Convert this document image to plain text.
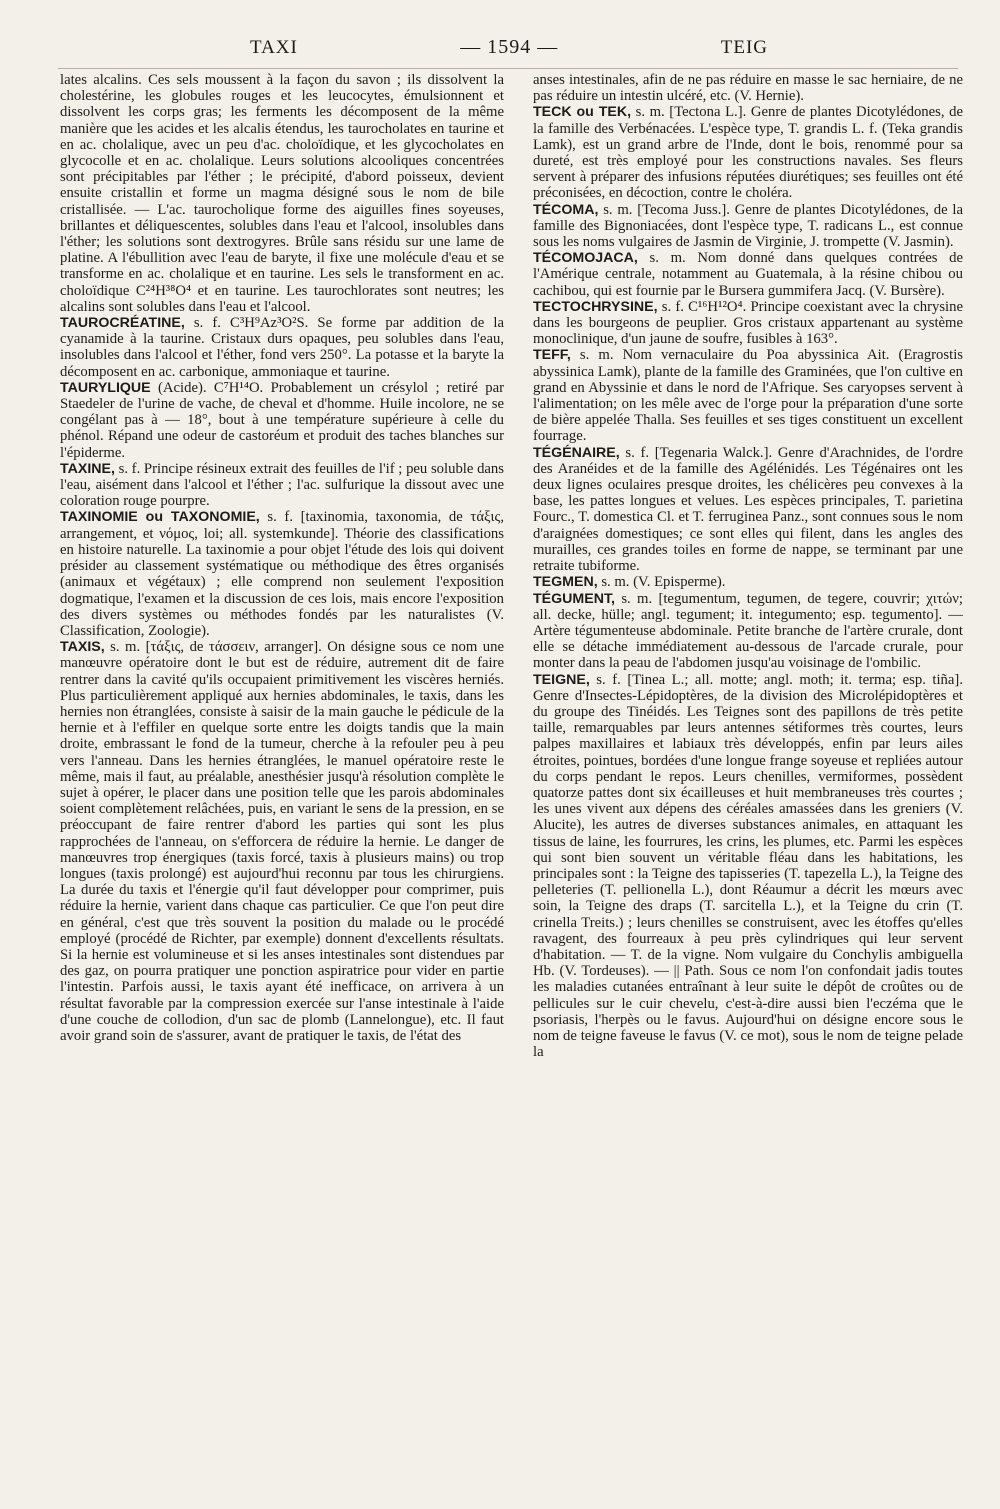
TAXI	— 1594 —	TEIG

lates alcalins. Ces sels moussent à la façon du savon ; ils dissolvent la cholestérine, les globules rouges et les leucocytes, émulsionnent et dissolvent les corps gras; les ferments les décomposent de la même manière que les acides et les alcalis étendus, les taurocholates en taurine et en ac. cholalique, avec un peu d'ac. choloïdique, et les glycocholates en glycocolle et en ac. cholalique. Leurs solutions alcooliques concentrées sont précipitables par l'éther ; le précipité, d'abord poisseux, devient ensuite cristallin et forme un magma désigné sous le nom de bile cristallisée. — L'ac. taurocholique forme des aiguilles fines soyeuses, brillantes et déliquescentes, solubles dans l'eau et l'alcool, insolubles dans l'éther; les solutions sont dextrogyres. Brûle sans résidu sur une lame de platine. A l'ébullition avec l'eau de baryte, il fixe une molécule d'eau et se transforme en ac. cholalique et en taurine. Les sels le transforment en ac. choloïdique C²⁴H³⁸O⁴ et en taurine. Les taurochlorates sont neutres; les alcalins sont solubles dans l'eau et l'alcool.

TAUROCRÉATINE, s. f. C³H⁹Az³O²S. Se forme par addition de la cyanamide à la taurine. Cristaux durs opaques, peu solubles dans l'eau, insolubles dans l'alcool et l'éther, fond vers 250°. La potasse et la baryte la décomposent en ac. carbonique, ammoniaque et taurine.

TAURYLIQUE (Acide). C⁷H¹⁴O. Probablement un crésylol ; retiré par Staedeler de l'urine de vache, de cheval et d'homme. Huile incolore, ne se congélant pas à — 18°, bout à une température supérieure à celle du phénol. Répand une odeur de castoréum et produit des taches blanches sur l'épiderme.

TAXINE, s. f. Principe résineux extrait des feuilles de l'if ; peu soluble dans l'eau, aisément dans l'alcool et l'éther ; l'ac. sulfurique la dissout avec une coloration rouge pourpre.

TAXINOMIE ou TAXONOMIE, s. f. [taxinomia, taxonomia, de τάξις, arrangement, et νόμος, loi; all. systemkunde]. Théorie des classifications en histoire naturelle. La taxinomie a pour objet l'étude des lois qui doivent présider au classement systématique ou méthodique des êtres organisés (animaux et végétaux) ; elle comprend non seulement l'exposition dogmatique, l'examen et la discussion de ces lois, mais encore l'exposition des divers systèmes ou méthodes fondés par les naturalistes (V. Classification, Zoologie).

TAXIS, s. m. [τάξις, de τάσσειν, arranger]. On désigne sous ce nom une manœuvre opératoire dont le but est de réduire, autrement dit de faire rentrer dans la cavité qu'ils occupaient primitivement les viscères herniés. Plus particulièrement appliqué aux hernies abdominales, le taxis, dans les hernies non étranglées, consiste à saisir de la main gauche le pédicule de la hernie et à l'effiler en quelque sorte entre les doigts tandis que la main droite, embrassant le fond de la tumeur, cherche à la refouler peu à peu vers l'anneau. Dans les hernies étranglées, le manuel opératoire reste le même, mais il faut, au préalable, anesthésier jusqu'à résolution complète le sujet à opérer, le placer dans une position telle que les parois abdominales soient complètement relâchées, puis, en variant le sens de la pression, en se préoccupant de faire rentrer d'abord les parties qui sont les plus rapprochées de l'anneau, on s'efforcera de réduire la hernie. Le danger de manœuvres trop énergiques (taxis forcé, taxis à plusieurs mains) ou trop longues (taxis prolongé) est aujourd'hui reconnu par tous les chirurgiens. La durée du taxis et l'énergie qu'il faut développer pour comprimer, puis réduire la hernie, varient dans chaque cas particulier. Ce que l'on peut dire en général, c'est que très souvent la position du malade ou le procédé employé (procédé de Richter, par exemple) donnent d'excellents résultats. Si la hernie est volumineuse et si les anses intestinales sont distendues par des gaz, on pourra pratiquer une ponction aspiratrice pour vider en partie l'intestin. Parfois aussi, le taxis ayant été inefficace, on arrivera à un résultat favorable par la compression exercée sur l'anse intestinale à l'aide d'une couche de collodion, d'un sac de plomb (Lannelongue), etc. Il faut avoir grand soin de s'assurer, avant de pratiquer le taxis, de l'état des

anses intestinales, afin de ne pas réduire en masse le sac herniaire, de ne pas réduire un intestin ulcéré, etc. (V. Hernie).

TECK ou TEK, s. m. [Tectona L.]. Genre de plantes Dicotylédones, de la famille des Verbénacées. L'espèce type, T. grandis L. f. (Teka grandis Lamk), est un grand arbre de l'Inde, dont le bois, renommé pour sa dureté, est très employé pour les constructions navales. Ses fleurs servent à préparer des infusions réputées diurétiques; ses feuilles ont été préconisées, en décoction, contre le choléra.

TÉCOMA, s. m. [Tecoma Juss.]. Genre de plantes Dicotylédones, de la famille des Bignoniacées, dont l'espèce type, T. radicans L., est connue sous les noms vulgaires de Jasmin de Virginie, J. trompette (V. Jasmin).

TÉCOMOJACA, s. m. Nom donné dans quelques contrées de l'Amérique centrale, notamment au Guatemala, à la résine chibou ou cachibou, qui est fournie par le Bursera gummifera Jacq. (V. Bursère).

TECTOCHRYSINE, s. f. C¹⁶H¹²O⁴. Principe coexistant avec la chrysine dans les bourgeons de peuplier. Gros cristaux appartenant au système monoclinique, d'un jaune de soufre, fusibles à 163°.

TEFF, s. m. Nom vernaculaire du Poa abyssinica Ait. (Eragrostis abyssinica Lamk), plante de la famille des Graminées, que l'on cultive en grand en Abyssinie et dans le nord de l'Afrique. Ses caryopses servent à l'alimentation; on les mêle avec de l'orge pour la préparation d'une sorte de bière appelée Thalla. Ses feuilles et ses tiges constituent un excellent fourrage.

TÉGÉNAIRE, s. f. [Tegenaria Walck.]. Genre d'Arachnides, de l'ordre des Aranéides et de la famille des Agélénidés. Les Tégénaires ont les deux lignes oculaires presque droites, les chélicères peu convexes à la base, les pattes longues et velues. Les espèces principales, T. parietina Fourc., T. domestica Cl. et T. ferruginea Panz., sont connues sous le nom d'araignées domestiques; ce sont elles qui filent, dans les angles des murailles, ces grandes toiles en forme de nappe, se terminant par une retraite tubiforme.

TEGMEN, s. m. (V. Episperme).

TÉGUMENT, s. m. [tegumentum, tegumen, de tegere, couvrir; χιτών; all. decke, hülle; angl. tegument; it. integumento; esp. tegumento]. — Artère tégumenteuse abdominale. Petite branche de l'artère crurale, dont elle se détache immédiatement au-dessous de l'arcade crurale, pour monter dans la peau de l'abdomen jusqu'au voisinage de l'ombilic.

TEIGNE, s. f. [Tinea L.; all. motte; angl. moth; it. terma; esp. tiña]. Genre d'Insectes-Lépidoptères, de la division des Microlépidoptères et du groupe des Tinéidés. Les Teignes sont des papillons de très petite taille, remarquables par leurs antennes sétiformes très courtes, leurs palpes maxillaires et labiaux très développés, enfin par leurs ailes étroites, pointues, bordées d'une longue frange soyeuse et repliées autour du corps pendant le repos. Leurs chenilles, vermiformes, possèdent quatorze pattes dont six écailleuses et huit membraneuses très courtes ; les unes vivent aux dépens des céréales amassées dans les greniers (V. Alucite), les autres de diverses substances animales, en attaquant les tissus de laine, les fourrures, les crins, les plumes, etc. Parmi les espèces qui sont bien souvent un véritable fléau dans les habitations, les principales sont : la Teigne des tapisseries (T. tapezella L.), la Teigne des pelleteries (T. pellionella L.), dont Réaumur a décrit les mœurs avec soin, la Teigne des draps (T. sarcitella L.), et la Teigne du crin (T. crinella Treits.) ; leurs chenilles se construisent, avec les étoffes qu'elles ravagent, des fourreaux à peu près cylindriques qui leur servent d'habitation. — T. de la vigne. Nom vulgaire du Conchylis ambiguella Hb. (V. Tordeuses). — || Path. Sous ce nom l'on confondait jadis toutes les maladies cutanées entraînant à leur suite le dépôt de croûtes ou de pellicules sur le cuir chevelu, c'est-à-dire aussi bien l'eczéma que le psoriasis, l'herpès ou le favus. Aujourd'hui on désigne encore sous le nom de teigne faveuse le favus (V. ce mot), sous le nom de teigne pelade la
